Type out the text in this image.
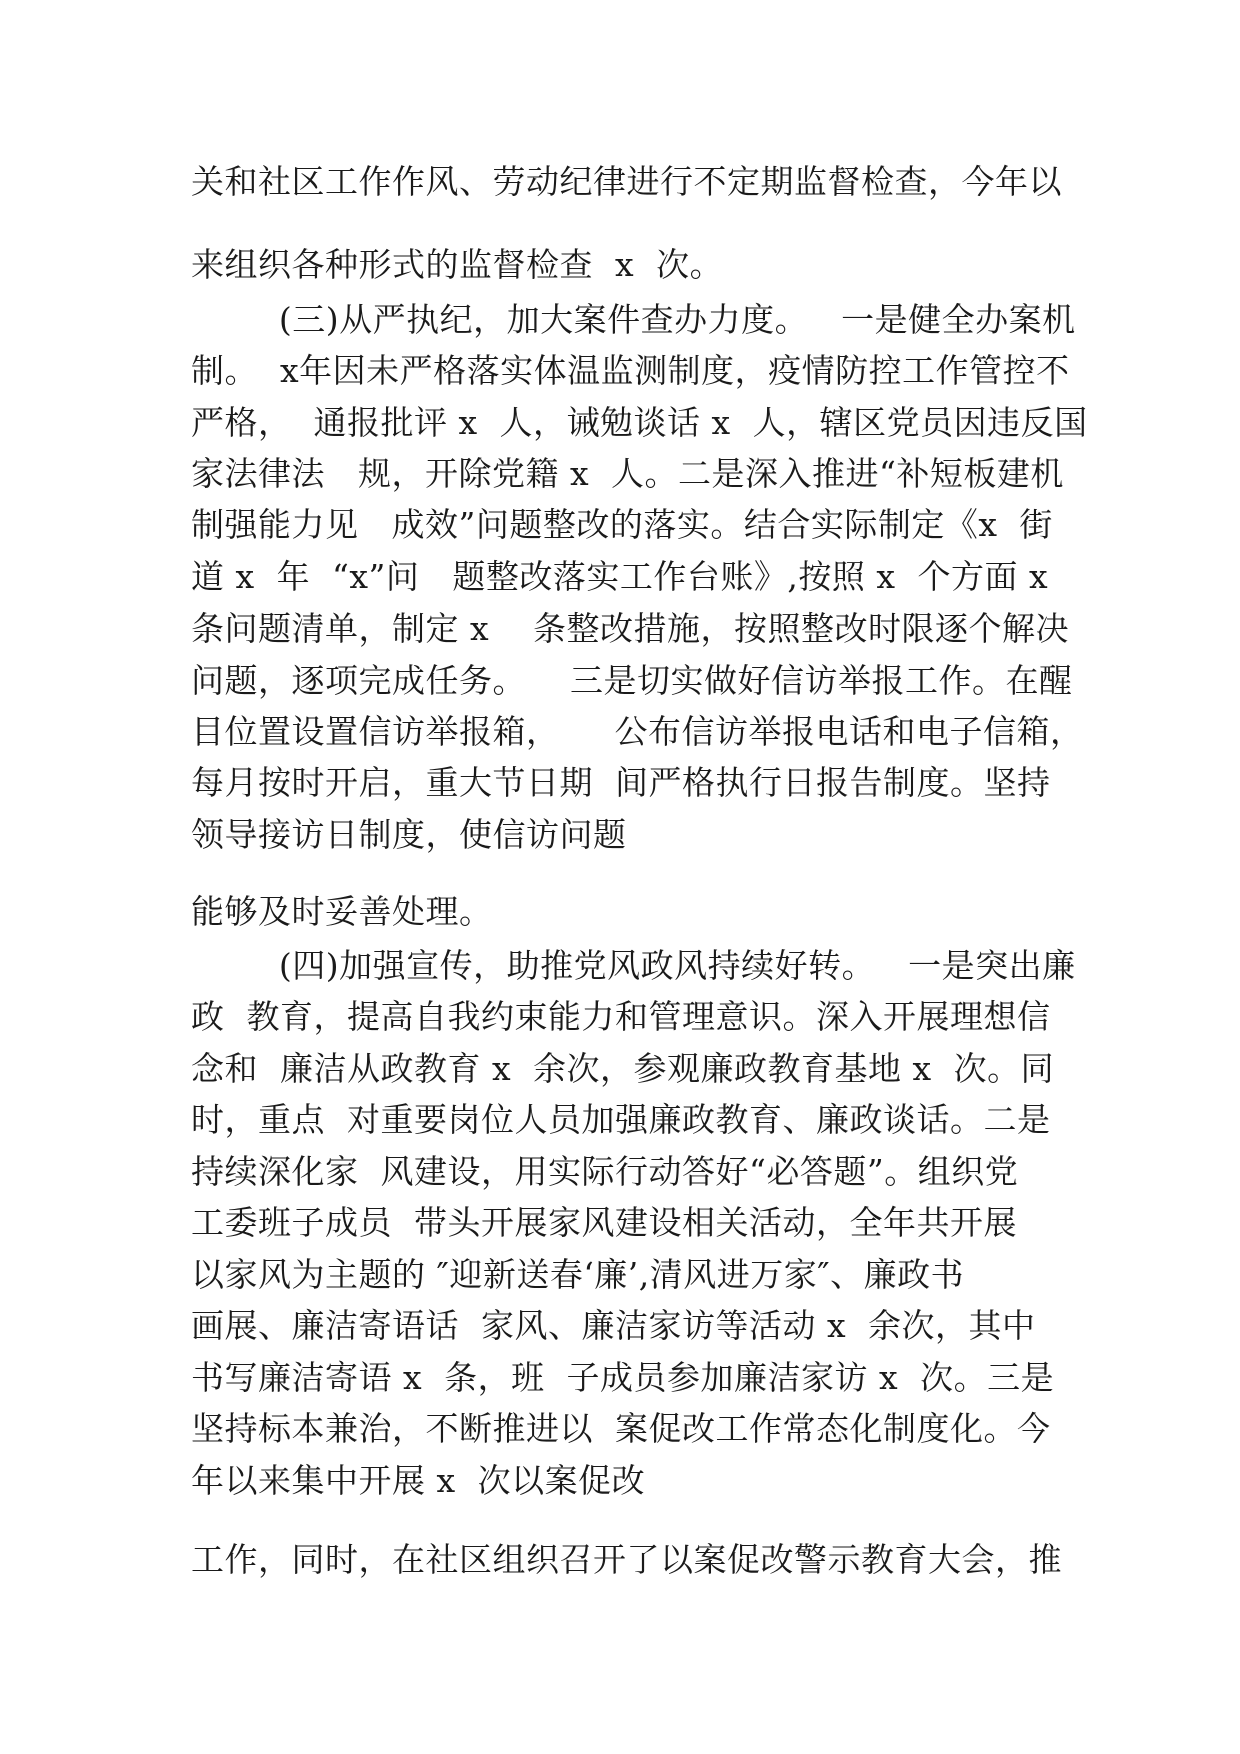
关和社区工作作风、劳动纪律进行不定期监督检查，今年以
来组织各种形式的监督检查  x  次。
(三)从严执纪，加大案件查办力度。   一是健全办案机
制。  x年因未严格落实体温监测制度，疫情防控工作管控不
严格，  通报批评 x  人，诫勉谈话 x  人，辖区党员因违反国
家法律法   规，开除党籍 x  人。二是深入推进“补短板建机
制强能力见   成效”问题整改的落实。结合实际制定《x  街
道 x  年  “x”问   题整改落实工作台账》,按照 x  个方面 x
条问题清单，制定 x    条整改措施，按照整改时限逐个解决
问题，逐项完成任务。    三是切实做好信访举报工作。在醒
目位置设置信访举报箱，     公布信访举报电话和电子信箱，
每月按时开启，重大节日期  间严格执行日报告制度。坚持
领导接访日制度，使信访问题
能够及时妥善处理。
(四)加强宣传，助推党风政风持续好转。   一是突出廉
政  教育，提高自我约束能力和管理意识。深入开展理想信
念和  廉洁从政教育 x  余次，参观廉政教育基地 x  次。同
时，重点  对重要岗位人员加强廉政教育、廉政谈话。二是
持续深化家  风建设，用实际行动答好“必答题”。组织党
工委班子成员  带头开展家风建设相关活动，全年共开展
以家风为主题的 ″迎新送春‘廉’,清风进万家″、廉政书
画展、廉洁寄语话  家风、廉洁家访等活动 x  余次，其中
书写廉洁寄语 x  条，班  子成员参加廉洁家访 x  次。三是
坚持标本兼治，不断推进以  案促改工作常态化制度化。今
年以来集中开展 x  次以案促改
工作，同时，在社区组织召开了以案促改警示教育大会，推
